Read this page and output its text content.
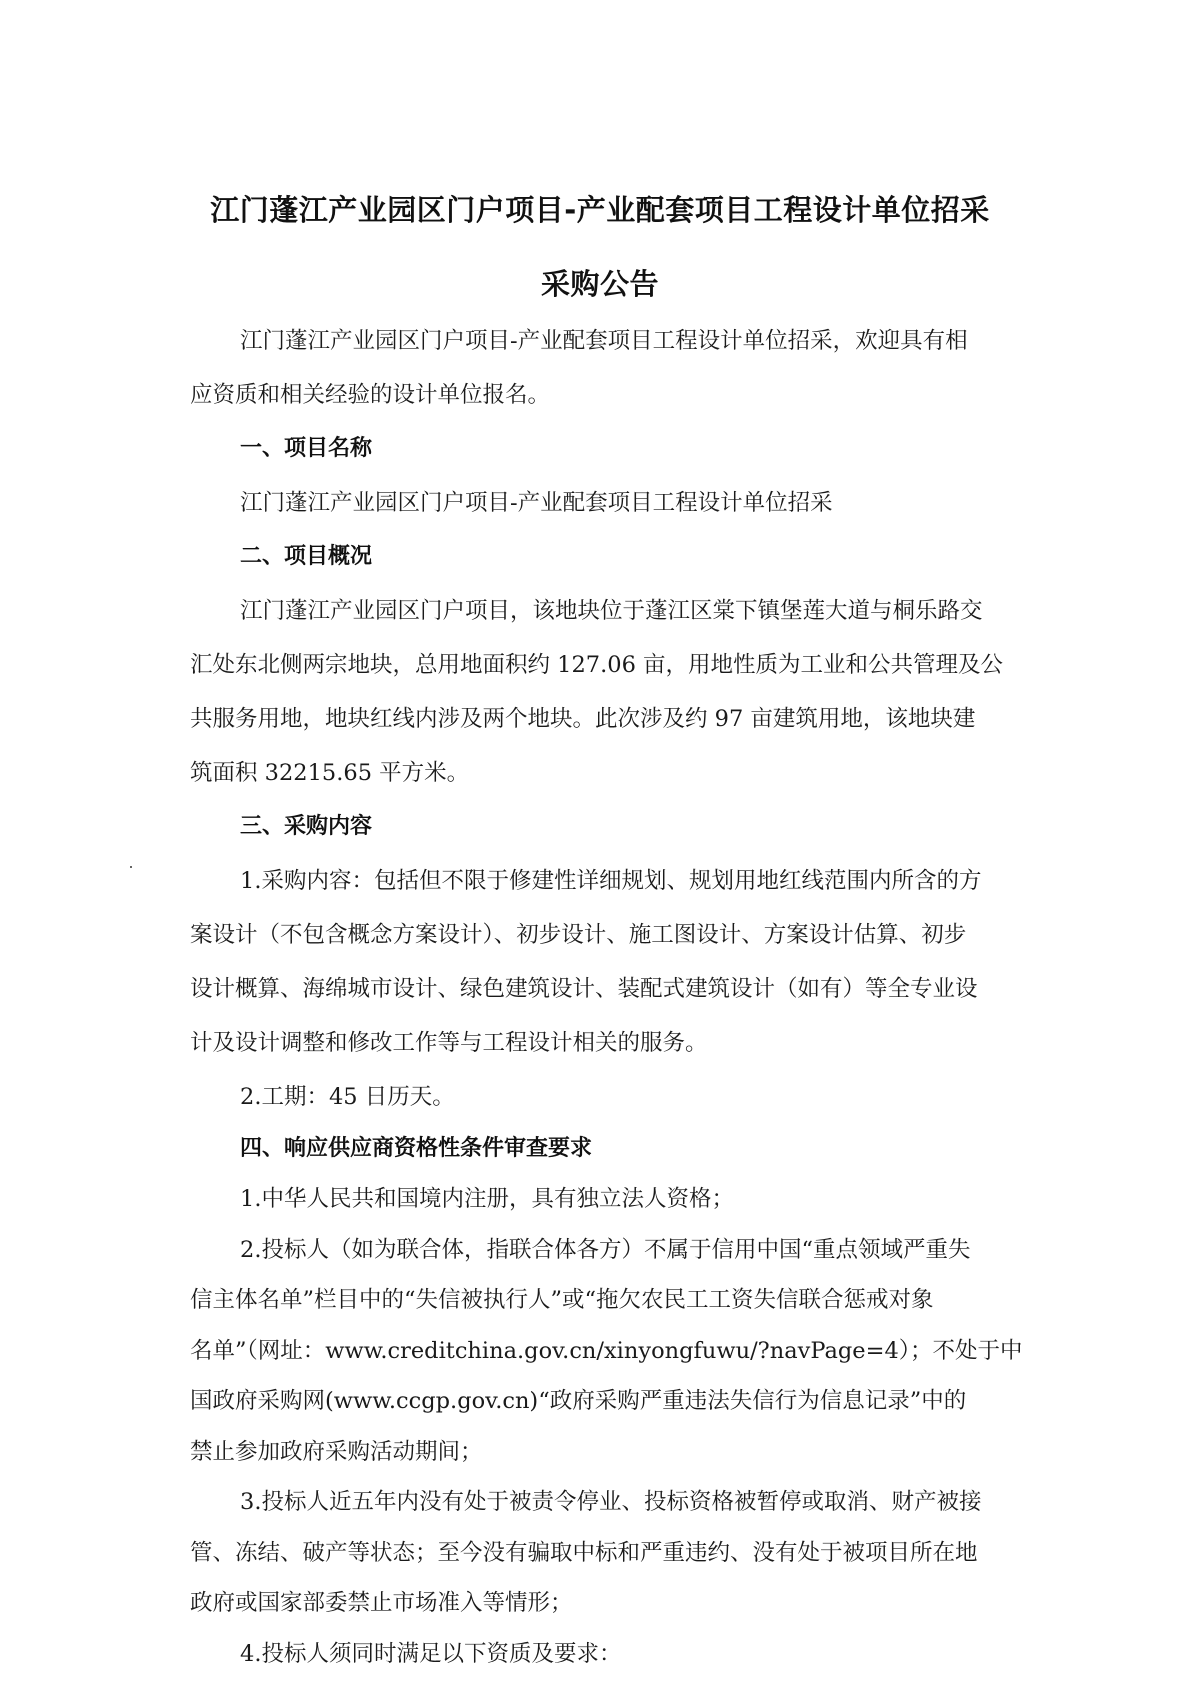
江门蓬江产业园区门户项目-产业配套项目工程设计单位招采
采购公告
江门蓬江产业园区门户项目-产业配套项目工程设计单位招采，欢迎具有相
应资质和相关经验的设计单位报名。
一、项目名称
江门蓬江产业园区门户项目-产业配套项目工程设计单位招采
二、项目概况
江门蓬江产业园区门户项目，该地块位于蓬江区棠下镇堡莲大道与桐乐路交
汇处东北侧两宗地块，总用地面积约 127.06 亩，用地性质为工业和公共管理及公
共服务用地，地块红线内涉及两个地块。此次涉及约 97 亩建筑用地，该地块建
筑面积 32215.65 平方米。
三、采购内容
1.采购内容：包括但不限于修建性详细规划、规划用地红线范围内所含的方
案设计（不包含概念方案设计）、初步设计、施工图设计、方案设计估算、初步
设计概算、海绵城市设计、绿色建筑设计、装配式建筑设计（如有）等全专业设
计及设计调整和修改工作等与工程设计相关的服务。
2.工期：45 日历天。
四、响应供应商资格性条件审查要求
1.中华人民共和国境内注册，具有独立法人资格；
2.投标人（如为联合体，指联合体各方）不属于信用中国“重点领域严重失
信主体名单”栏目中的“失信被执行人”或“拖欠农民工工资失信联合惩戒对象
名单”（网址：www.creditchina.gov.cn/xinyongfuwu/?navPage=4）；不处于中
国政府采购网(www.ccgp.gov.cn)“政府采购严重违法失信行为信息记录”中的
禁止参加政府采购活动期间；
3.投标人近五年内没有处于被责令停业、投标资格被暂停或取消、财产被接
管、冻结、破产等状态；至今没有骗取中标和严重违约、没有处于被项目所在地
政府或国家部委禁止市场准入等情形；
4.投标人须同时满足以下资质及要求：
